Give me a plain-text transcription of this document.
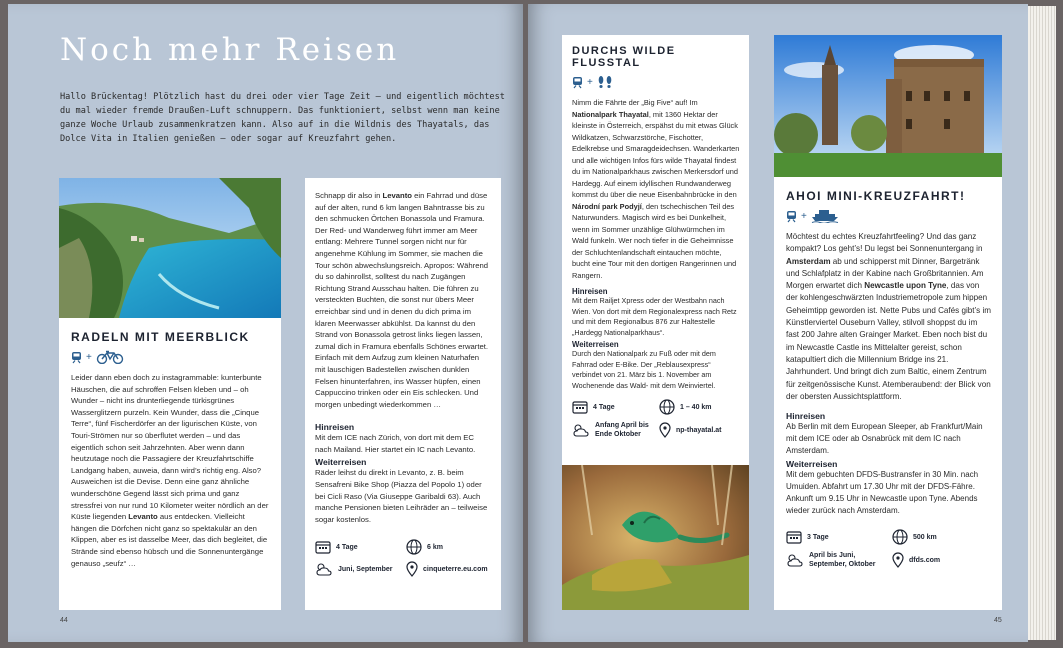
Noch mehr Reisen

Hallo Brückentag! Plötzlich hast du drei oder vier Tage Zeit – und eigentlich möchtest du mal wieder fremde Draußen-Luft schnuppern. Das funktioniert, selbst wenn man keine ganze Woche Urlaub zusammenkratzen kann. Also auf in die Wildnis des Thayatals, das Dolce Vita in Italien genießen – oder sogar auf Kreuzfahrt gehen.

RADELN MIT MEERBLICK
+

Leider dann eben doch zu instagrammable: kunterbunte Häuschen, die auf schroffen Felsen kleben und – oh Wunder – nicht ins drunterliegende türkisgrünes Wasserglitzern purzeln. Kein Wunder, dass die „Cinque Terre“, fünf Fischerdörfer an der ligurischen Küste, von Touri-Strömen nur so überflutet werden – und das eigentlich schon seit Jahrzehnten. Aber wenn dann heutzutage noch die Passagiere der Kreuzfahrtschiffe Landgang haben, auweia, dann wird’s richtig eng. Also? Ausweichen ist die Devise. Denn eine ganz ähnliche wunderschöne Gegend lässt sich prima und ganz stressfrei von nur rund 10 Kilometer weiter nördlich an der Küste liegenden Levanto aus entdecken. Vielleicht hängen die Dörfchen nicht ganz so spektakulär an den Klippen, aber es ist dasselbe Meer, das dich begleitet, die Strände sind ebenso hübsch und die Sonnenuntergänge genauso „seufz“ …

Schnapp dir also in Levanto ein Fahrrad und düse auf der alten, rund 6 km langen Bahntrasse bis zu den schmucken Örtchen Bonassola und Framura. Der Red- und Wanderweg führt immer am Meer entlang: Mehrere Tunnel sorgen nicht nur für angenehme Kühlung im Sommer, sie machen die Tour schön abwechslungsreich. Apropos: Während du so dahinrollst, solltest du nach Zugängen Richtung Strand Ausschau halten. Die führen zu versteckten Buchten, die sonst nur übers Meer erreichbar sind und in denen du dich prima im klaren Meerwasser abkühlst. Da kannst du den Strand von Bonassola getrost links liegen lassen, zumal dich in Framura ebenfalls Schönes erwartet. Einfach mit dem Aufzug zum kleinen Naturhafen mit lauschigen Badestellen zwischen dunklen Felsen hinunterfahren, ins Wasser hüpfen, einen Cappuccino trinken oder ein Eis schlecken. Und morgen unbedingt wiederkommen …

Hinreisen

Mit dem ICE nach Zürich, von dort mit dem EC nach Mailand. Hier startet ein IC nach Levanto.

Weiterreisen

Räder leihst du direkt in Levanto, z. B. beim Sensafreni Bike Shop (Piazza del Popolo 1) oder bei Cicli Raso (Via Giuseppe Garibaldi 63). Auch manche Pensionen bieten Leihräder an – teilweise sogar kostenlos.

4 Tage	6 km
Juni, September	cinqueterre.eu.com
44
DURCHS WILDE FLUSSTAL
+

Nimm die Fährte der „Big Five“ auf! Im Nationalpark Thayatal, mit 1360 Hektar der kleinste in Österreich, erspähst du mit etwas Glück Wildkatzen, Schwarzstörche, Fischotter, Edelkrebse und Smaragdeidechsen. Wanderkarten und alle wichtigen Infos fürs wilde Thayatal findest du im Nationalparkhaus zwischen Merkersdorf und Hardegg. Auf einem idyllischen Rundwanderweg kommst du über die neue Eisenbahnbrücke in den Národní park Podyjí, den tschechischen Teil des Naturwunders. Magisch wird es bei Dunkelheit, wenn im Sommer unzählige Glühwürmchen im Wald funkeln. Wer noch tiefer in die Geheimnisse der Schluchtenlandschaft eintauchen möchte, bucht eine Tour mit den dortigen Rangerinnen und Rangern.

Hinreisen

Mit dem Railjet Xpress oder der Westbahn nach Wien. Von dort mit dem Regionalexpress nach Retz und mit dem Regionalbus 876 zur Haltestelle „Hardegg Nationalparkhaus“.

Weiterreisen

Durch den Nationalpark zu Fuß oder mit dem Fahrrad oder E-Bike. Der „Reblausexpress“ verbindet von 21. März bis 1. November am Wochenende das Wald- mit dem Weinviertel.

4 Tage	1 – 40 km
Anfang April bis Ende Oktober
np-thayatal.at
AHOI MINI-KREUZFAHRT!
+

Möchtest du echtes Kreuzfahrtfeeling? Und das ganz kompakt? Los geht’s! Du legst bei Sonnenuntergang in Amsterdam ab und schipperst mit Dinner, Bargetränk und Schlafplatz in der Kabine nach Großbritannien. Am Morgen erwartet dich Newcastle upon Tyne, das von der kohlengeschwärzten Industriemetropole zum hippen Geheimtipp geworden ist. Nette Pubs und Cafés gibt’s im Künstlerviertel Ouseburn Valley, stilvoll shoppst du im fast 200 Jahre alten Grainger Market. Eben noch bist du im Newcastle Castle ins Mittelalter gereist, schon katapultiert dich die Millennium Bridge ins 21. Jahrhundert. Und bringt dich zum Baltic, einem Zentrum für zeitgenössische Kunst. Atemberaubend: der Blick von der obersten Aussichtsplattform.

Hinreisen

Ab Berlin mit dem European Sleeper, ab Frankfurt/Main mit dem ICE oder ab Osnabrück mit dem IC nach Amsterdam.

Weiterreisen

Mit dem gebuchten DFDS-Bustransfer in 30 Min. nach Umuiden. Abfahrt um 17.30 Uhr mit der DFDS-Fähre. Ankunft um 9.15 Uhr in Newcastle upon Tyne. Abends wieder zurück nach Amsterdam.

3 Tage	500 km
April bis Juni, September, Oktober
dfds.com
45
